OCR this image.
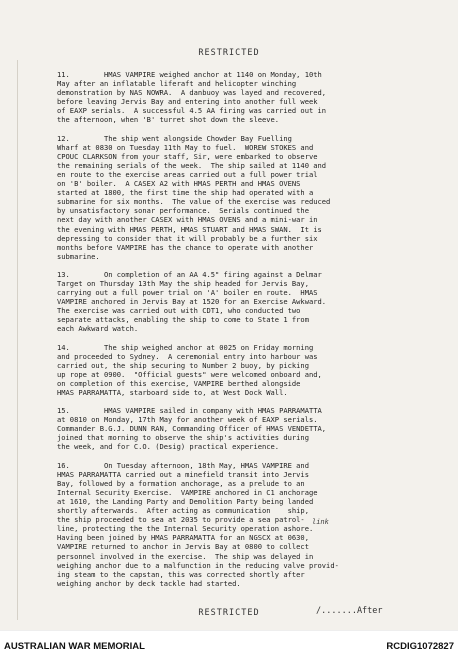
RESTRICTED
11.        HMAS VAMPIRE weighed anchor at 1140 on Monday, 10th
May after an inflatable liferaft and helicopter winching
demonstration by NAS NOWRA.  A danbuoy was layed and recovered,
before leaving Jervis Bay and entering into another full week
of EAXP serials.  A successful 4.5 AA firing was carried out in
the afternoon, when 'B' turret shot down the sleeve.
12.        The ship went alongside Chowder Bay Fuelling
Wharf at 0830 on Tuesday 11th May to fuel.  WOREW STOKES and
CPOUC CLARKSON from your staff, Sir, were embarked to observe
the remaining serials of the week.  The ship sailed at 1140 and
en route to the exercise areas carried out a full power trial
on 'B' boiler.  A CASEX A2 with HMAS PERTH and HMAS OVENS
started at 1800, the first time the ship had operated with a
submarine for six months.  The value of the exercise was reduced
by unsatisfactory sonar performance.  Serials continued the
next day with another CASEX with HMAS OVENS and a mini-war in
the evening with HMAS PERTH, HMAS STUART and HMAS SWAN.  It is
depressing to consider that it will probably be a further six
months before VAMPIRE has the chance to operate with another
submarine.
13.        On completion of an AA 4.5" firing against a Delmar
Target on Thursday 13th May the ship headed for Jervis Bay,
carrying out a full power trial on 'A' boiler en route.  HMAS
VAMPIRE anchored in Jervis Bay at 1520 for an Exercise Awkward.
The exercise was carried out with CDT1, who conducted two
separate attacks, enabling the ship to come to State 1 from
each Awkward watch.
14.        The ship weighed anchor at 0025 on Friday morning
and proceeded to Sydney.  A ceremonial entry into harbour was
carried out, the ship securing to Number 2 buoy, by picking
up rope at 0900.  "Official guests" were welcomed onboard and,
on completion of this exercise, VAMPIRE berthed alongside
HMAS PARRAMATTA, starboard side to, at West Dock Wall.
15.        HMAS VAMPIRE sailed in company with HMAS PARRAMATTA
at 0810 on Monday, 17th May for another week of EAXP serials.
Commander B.G.J. DUNN RAN, Commanding Officer of HMAS VENDETTA,
joined that morning to observe the ship's activities during
the week, and for C.O. (Desig) practical experience.
16.        On Tuesday afternoon, 18th May, HMAS VAMPIRE and
HMAS PARRAMATTA carried out a minefield transit into Jervis
Bay, followed by a formation anchorage, as a prelude to an
Internal Security Exercise.  VAMPIRE anchored in C1 anchorage
at 1610, the Landing Party and Demolition Party being landed
shortly afterwards.  After acting as communication    ship,
the ship proceeded to sea at 2035 to provide a sea patrol-
line, protecting the the Internal Security operation ashore.
Having been joined by HMAS PARRAMATTA for an NGSCX at 0630,
VAMPIRE returned to anchor in Jervis Bay at 0800 to collect
personnel involved in the exercise.  The ship was delayed in
weighing anchor due to a malfunction in the reducing valve provid-
ing steam to the capstan, this was corrected shortly after
weighing anchor by deck tackle had started.
link
RESTRICTED	/.......After
AUSTRALIAN WAR MEMORIAL	RCDIG1072827
